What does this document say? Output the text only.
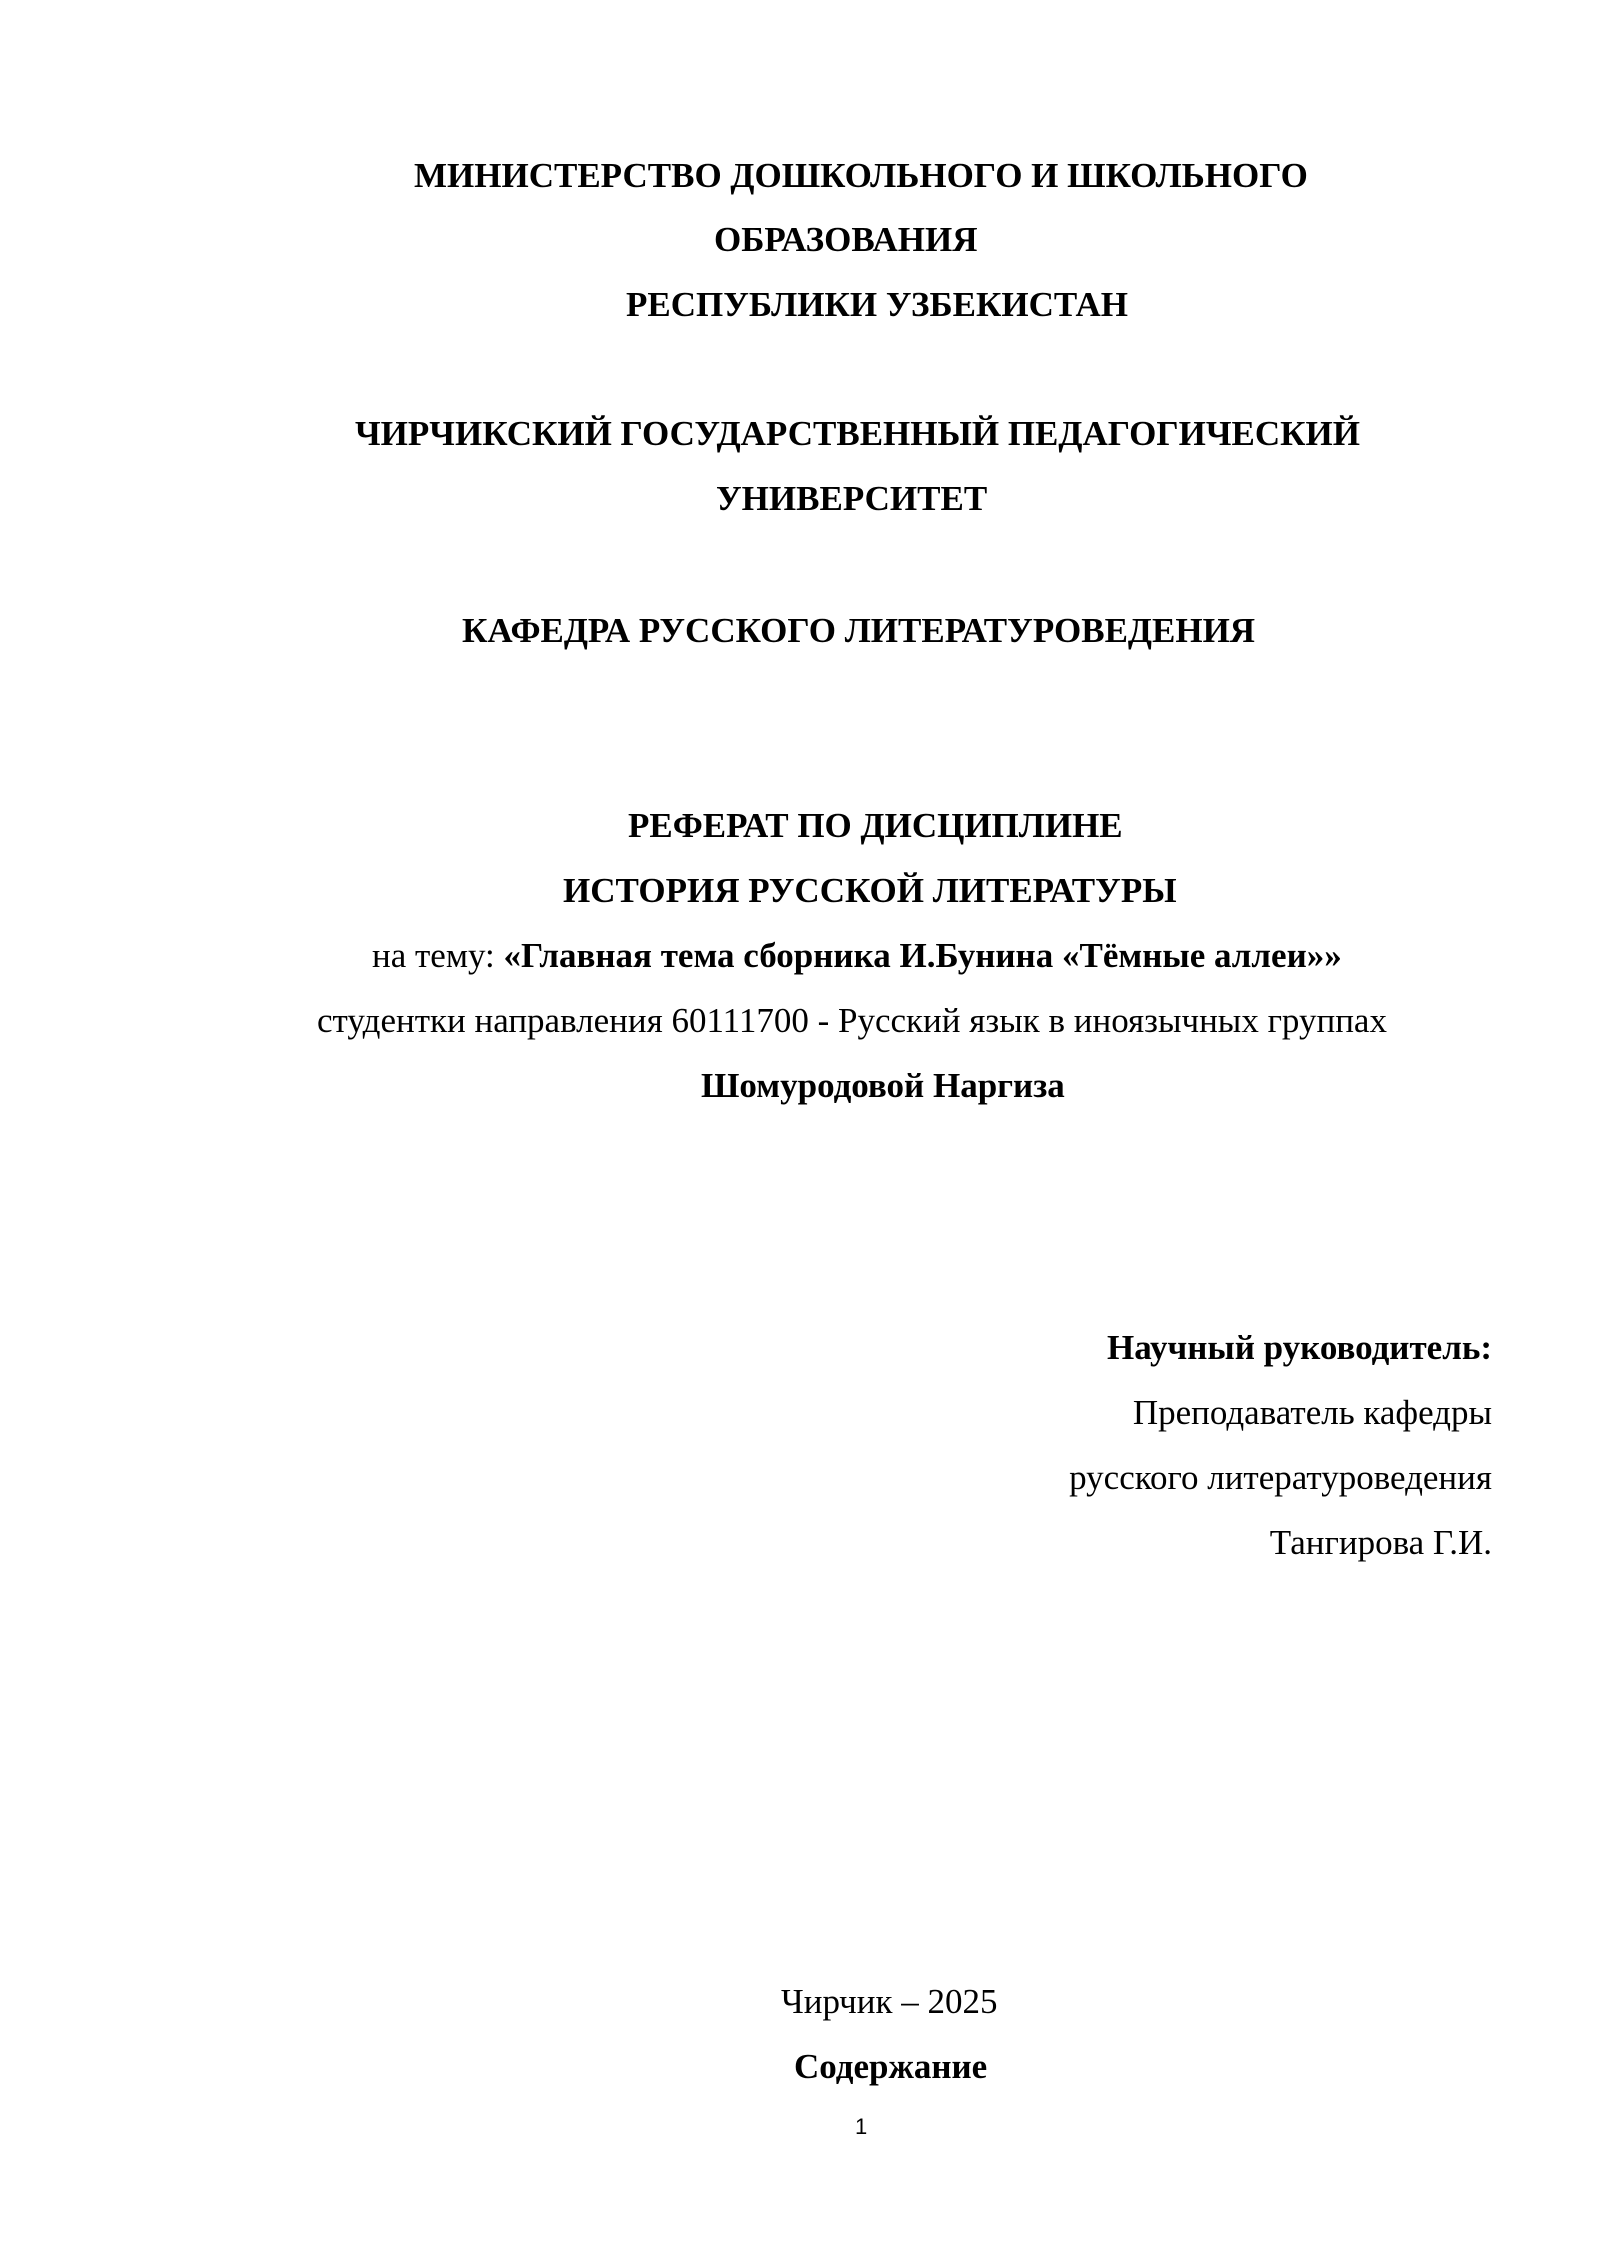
МИНИСТЕРСТВО ДОШКОЛЬНОГО И ШКОЛЬНОГО
ОБРАЗОВАНИЯ
РЕСПУБЛИКИ УЗБЕКИСТАН
ЧИРЧИКСКИЙ ГОСУДАРСТВЕННЫЙ ПЕДАГОГИЧЕСКИЙ
УНИВЕРСИТЕТ
КАФЕДРА РУССКОГО ЛИТЕРАТУРОВЕДЕНИЯ
РЕФЕРАТ ПО ДИСЦИПЛИНЕ
ИСТОРИЯ РУССКОЙ ЛИТЕРАТУРЫ
на тему: «Главная тема сборника И.Бунина «Тёмные аллеи»»
студентки направления 60111700 - Русский язык в иноязычных группах
Шомуродовой Наргиза
Научный руководитель:
Преподаватель кафедры
русского литературоведения
Тангирова Г.И.
Чирчик – 2025
Содержание
1
